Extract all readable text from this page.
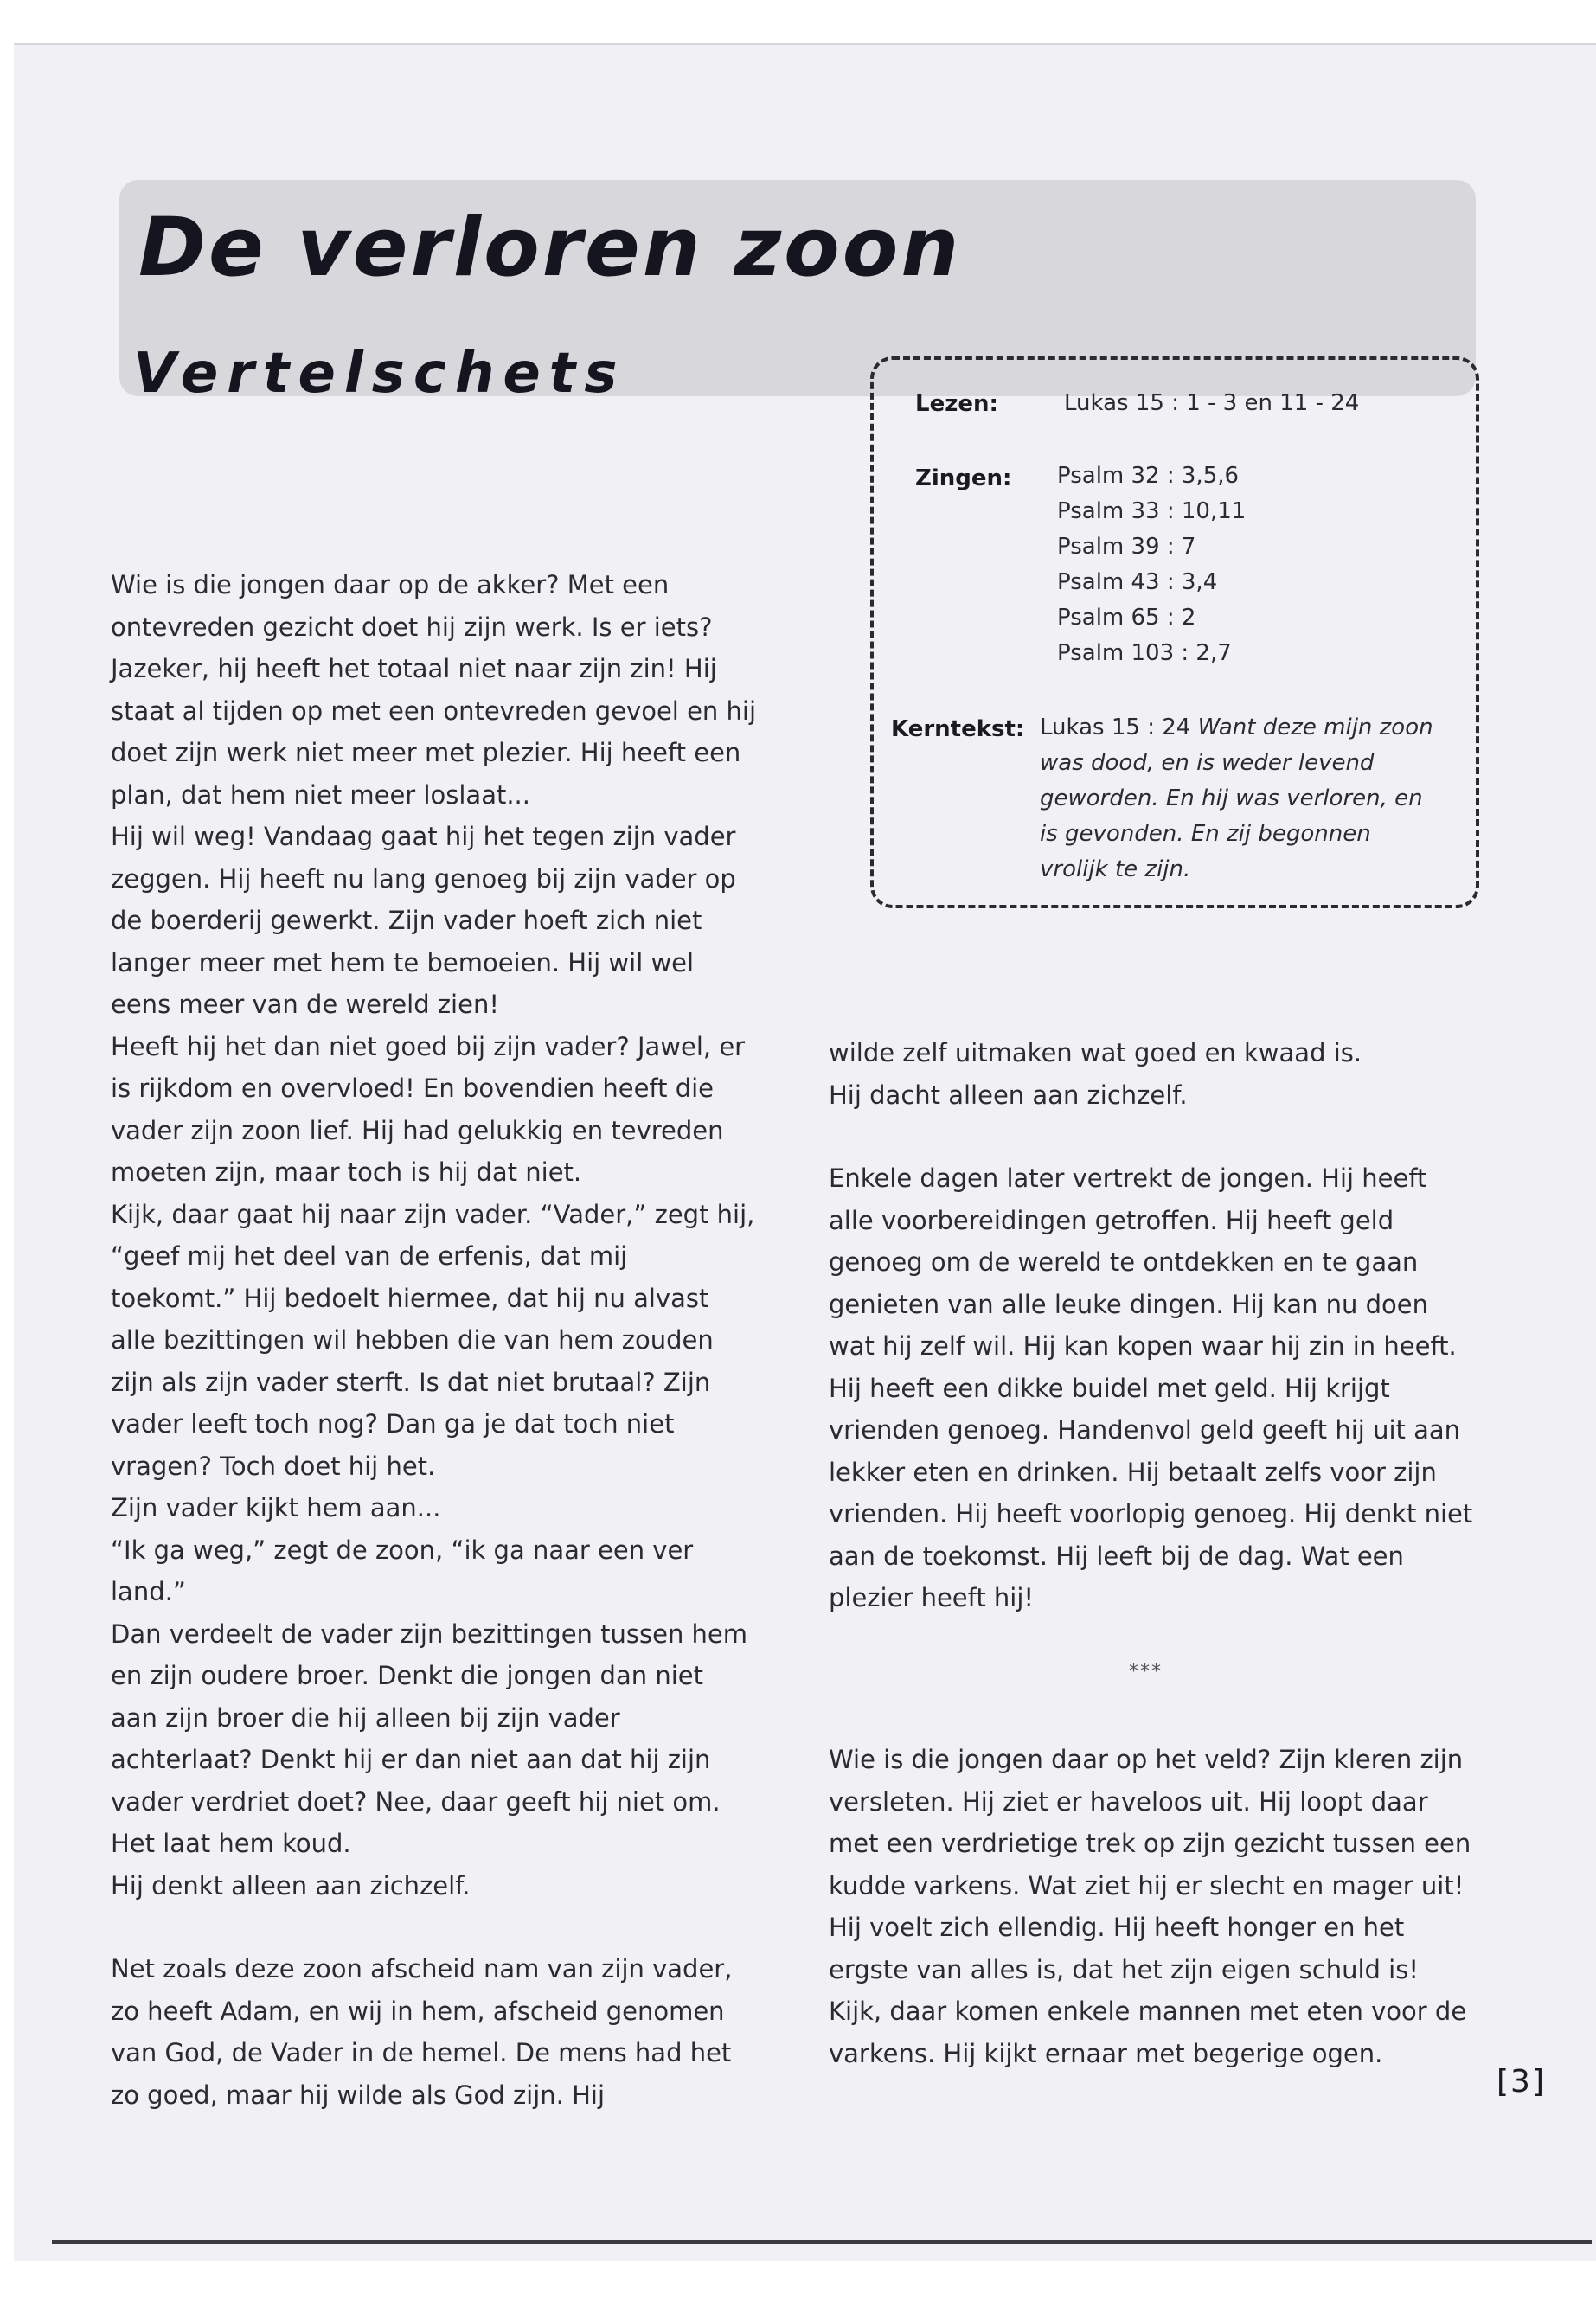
De verloren zoon
Vertelschets	Lezen:	Lukas 15 : 1 - 3 en 11 - 24

Zingen: Psalm 32 : 3,5,6
Psalm 33 : 10,11
Psalm 39 : 7
Psalm 43 : 3,4
Psalm 65 : 2
Psalm 103 : 2,7

Kerntekst: Lukas 15 : 24 Want deze mijn zoon was dood, en is weder levend geworden. En hij was verloren, en is gevonden. En zij begonnen vrolijk te zijn.

Wie is die jongen daar op de akker? Met een ontevreden gezicht doet hij zijn werk. Is er iets? Jazeker, hij heeft het totaal niet naar zijn zin! Hij staat al tijden op met een ontevreden gevoel en hij doet zijn werk niet meer met plezier. Hij heeft een plan, dat hem niet meer loslaat...

Hij wil weg! Vandaag gaat hij het tegen zijn vader zeggen. Hij heeft nu lang genoeg bij zijn vader op de boerderij gewerkt. Zijn vader hoeft zich niet langer meer met hem te bemoeien. Hij wil wel eens meer van de wereld zien!

Heeft hij het dan niet goed bij zijn vader? Jawel, er is rijkdom en overvloed! En bovendien heeft die vader zijn zoon lief. Hij had gelukkig en tevreden moeten zijn, maar toch is hij dat niet.

Kijk, daar gaat hij naar zijn vader. “Vader,” zegt hij, “geef mij het deel van de erfenis, dat mij toekomt.” Hij bedoelt hiermee, dat hij nu alvast alle bezittingen wil hebben die van hem zouden zijn als zijn vader sterft. Is dat niet brutaal? Zijn vader leeft toch nog? Dan ga je dat toch niet vragen? Toch doet hij het.

Zijn vader kijkt hem aan...

“Ik ga weg,” zegt de zoon, “ik ga naar een ver land.”

Dan verdeelt de vader zijn bezittingen tussen hem en zijn oudere broer. Denkt die jongen dan niet aan zijn broer die hij alleen bij zijn vader achterlaat? Denkt hij er dan niet aan dat hij zijn vader verdriet doet? Nee, daar geeft hij niet om. Het laat hem koud.

Hij denkt alleen aan zichzelf.

Net zoals deze zoon afscheid nam van zijn vader, zo heeft Adam, en wij in hem, afscheid genomen van God, de Vader in de hemel. De mens had het zo goed, maar hij wilde als God zijn. Hij

wilde zelf uitmaken wat goed en kwaad is.

Hij dacht alleen aan zichzelf.

Enkele dagen later vertrekt de jongen. Hij heeft alle voorbereidingen getroffen. Hij heeft geld genoeg om de wereld te ontdekken en te gaan genieten van alle leuke dingen. Hij kan nu doen wat hij zelf wil. Hij kan kopen waar hij zin in heeft. Hij heeft een dikke buidel met geld. Hij krijgt vrienden genoeg. Handenvol geld geeft hij uit aan lekker eten en drinken. Hij betaalt zelfs voor zijn vrienden. Hij heeft voorlopig genoeg. Hij denkt niet aan de toekomst. Hij leeft bij de dag. Wat een plezier heeft hij!

***

Wie is die jongen daar op het veld? Zijn kleren zijn versleten. Hij ziet er haveloos uit. Hij loopt daar met een verdrietige trek op zijn gezicht tussen een kudde varkens. Wat ziet hij er slecht en mager uit! Hij voelt zich ellendig. Hij heeft honger en het ergste van alles is, dat het zijn eigen schuld is!

Kijk, daar komen enkele mannen met eten voor de varkens. Hij kijkt ernaar met begerige ogen.

[3]
